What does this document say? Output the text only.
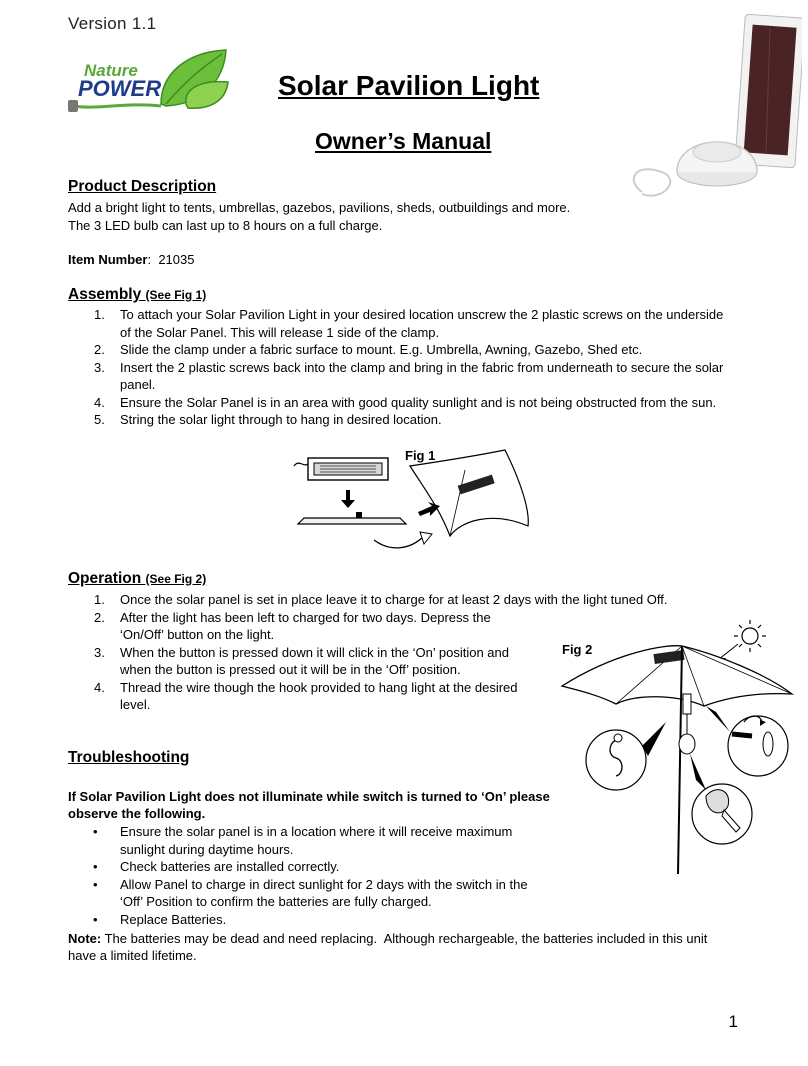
Version 1.1
Nature
POWER	Solar Pavilion Light
Owner’s Manual
Product Description
Add a bright light to tents, umbrellas, gazebos, pavilions, sheds, outbuildings and more.
The 3 LED bulb can last up to 8 hours on a full charge.
Item Number:  21035
Assembly (See Fig 1)
1. To attach your Solar Pavilion Light in your desired location unscrew the 2 plastic screws on the underside
of the Solar Panel. This will release 1 side of the clamp.
2. Slide the clamp under a fabric surface to mount. E.g. Umbrella, Awning, Gazebo, Shed etc.
3. Insert the 2 plastic screws back into the clamp and bring in the fabric from underneath to secure the solar
panel.
4. Ensure the Solar Panel is in an area with good quality sunlight and is not being obstructed from the sun.
5. String the solar light through to hang in desired location.
Fig 1
Operation (See Fig 2)
1. Once the solar panel is set in place leave it to charge for at least 2 days with the light tuned Off.
2. After the light has been left to charged for two days. Depress the
‘On/Off’ button on the light.
3. When the button is pressed down it will click in the ‘On’ position and
when the button is pressed out it will be in the ‘Off’ position.
4. Thread the wire though the hook provided to hang light at the desired
level.
Fig 2
Troubleshooting
If Solar Pavilion Light does not illuminate while switch is turned to ‘On’ please
observe the following.
• Ensure the solar panel is in a location where it will receive maximum
sunlight during daytime hours.
• Check batteries are installed correctly.
• Allow Panel to charge in direct sunlight for 2 days with the switch in the
‘Off’ Position to confirm the batteries are fully charged.
• Replace Batteries.
Note: The batteries may be dead and need replacing.  Although rechargeable, the batteries included in this unit
have a limited lifetime.
1
